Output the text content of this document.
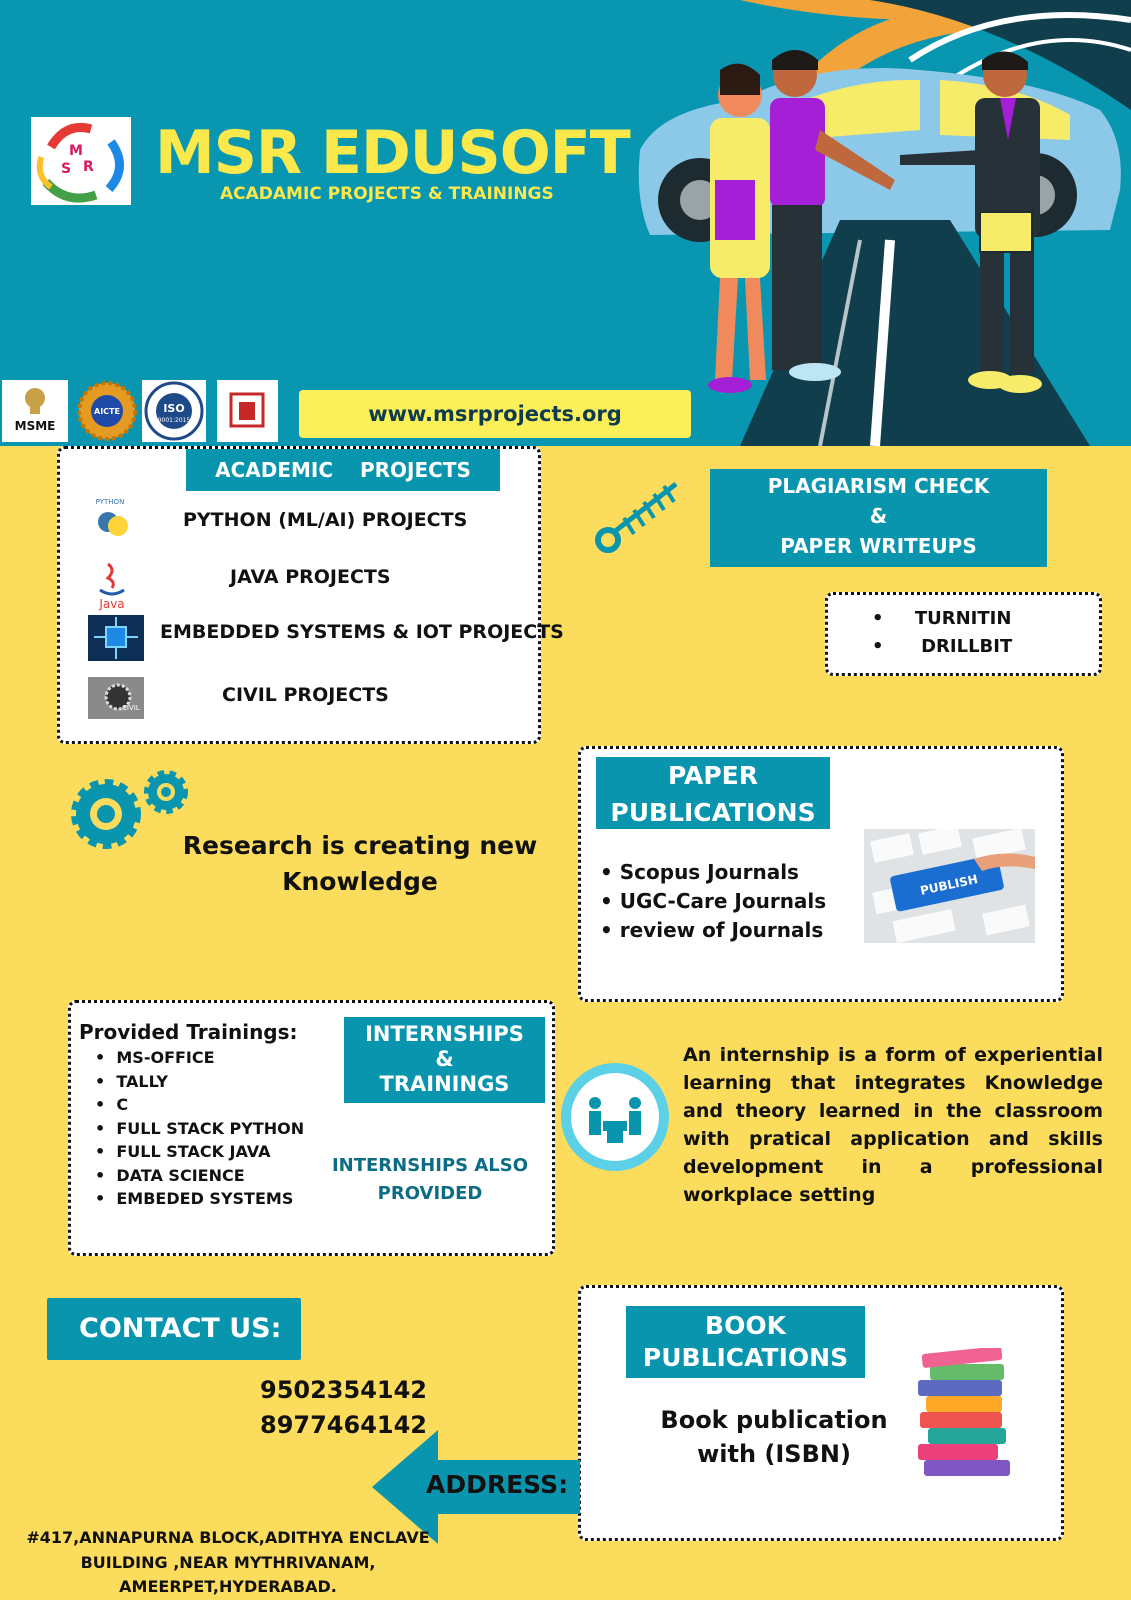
M
S R MSR EDUSOFT
ACADAMIC PROJECTS & TRAININGS
MSME
AICTE	ISO
9001:2015	www.msrprojects.org
ACADEMIC PROJECTS
PYTHON
PYTHON (ML/AI) PROJECTS
Java
JAVA PROJECTS
EMBEDDED SYSTEMS & IOT PROJECTS
CIVIL
CIVIL PROJECTS
PLAGIARISM CHECK
&
PAPER WRITEUPS
•     TURNITIN
•      DRILLBIT
Research is creating new
Knowledge
PAPER
PUBLICATIONS
• Scopus Journals
• UGC-Care Journals
• review of Journals
PUBLISH
Provided Trainings:
•  MS-OFFICE
•  TALLY
•  C
•  FULL STACK PYTHON
•  FULL STACK JAVA
•  DATA SCIENCE
•  EMBEDED SYSTEMS
INTERNSHIPS
&
TRAININGS
INTERNSHIPS ALSO
PROVIDED
An internship is a form of experiential learning that integrates Knowledge and theory learned in the classroom with pratical application and skills development in a professional workplace setting
CONTACT US:
9502354142
8977464142
BOOK
PUBLICATIONS
Book publication
with (ISBN)
ADDRESS:
#417,ANNAPURNA BLOCK,ADITHYA ENCLAVE
BUILDING ,NEAR MYTHRIVANAM,
AMEERPET,HYDERABAD.
